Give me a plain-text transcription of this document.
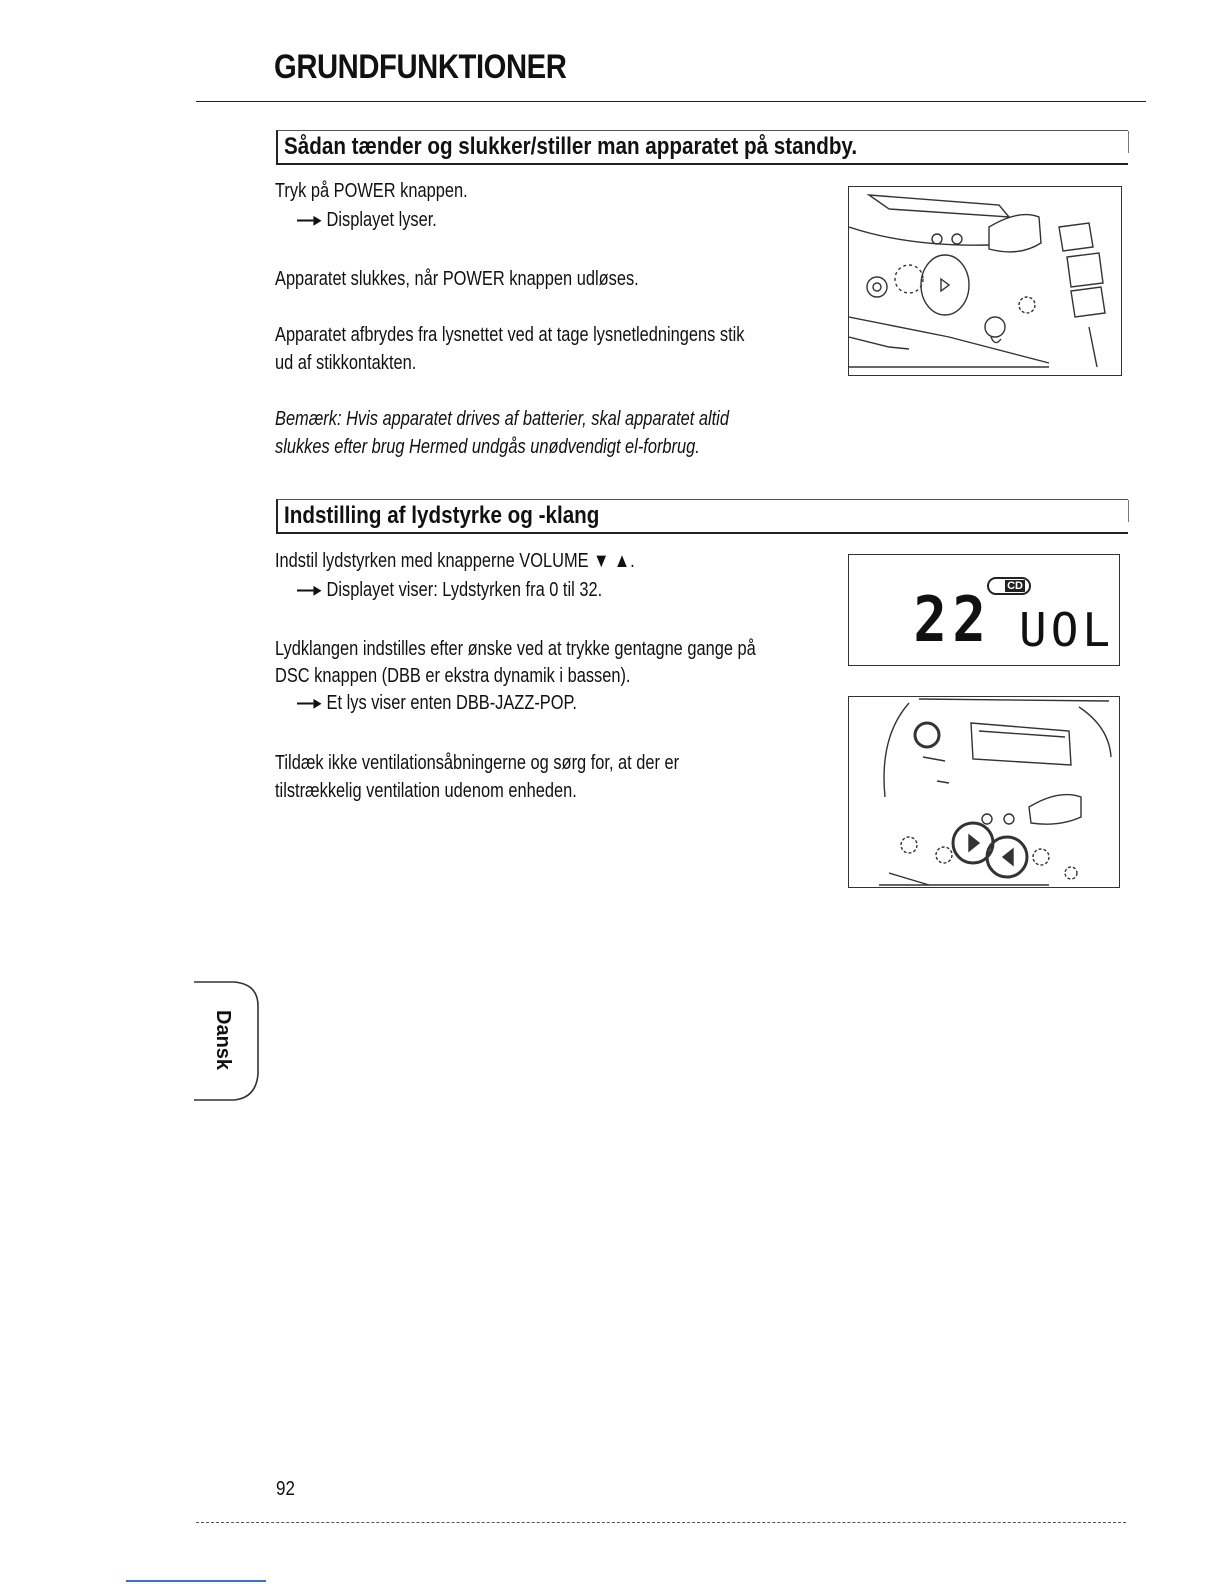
GRUNDFUNKTIONER
Sådan tænder og slukker/stiller man apparatet på standby.

Tryk på POWER knappen.

—▸ Displayet lyser.

Apparatet slukkes, når POWER knappen udløses.

Apparatet afbrydes fra lysnettet ved at tage lysnetledningens stik

ud af stikkontakten.

Bemærk: Hvis apparatet drives af batterier, skal apparatet altid

slukkes efter brug Hermed undgås unødvendigt el-forbrug.

Indstilling af lydstyrke og -klang

Indstil lydstyrken med knapperne VOLUME ▼ ▲.

—▸ Displayet viser: Lydstyrken fra 0 til 32.

Lydklangen indstilles efter ønske ved at trykke gentagne gange på

DSC knappen (DBB er ekstra dynamik i bassen).

—▸ Et lys viser enten DBB-JAZZ-POP.

Tildæk ikke ventilationsåbningerne og sørg for, at der er

tilstrækkelig ventilation udenom enheden.

22	CD
UOL
Dansk
92
